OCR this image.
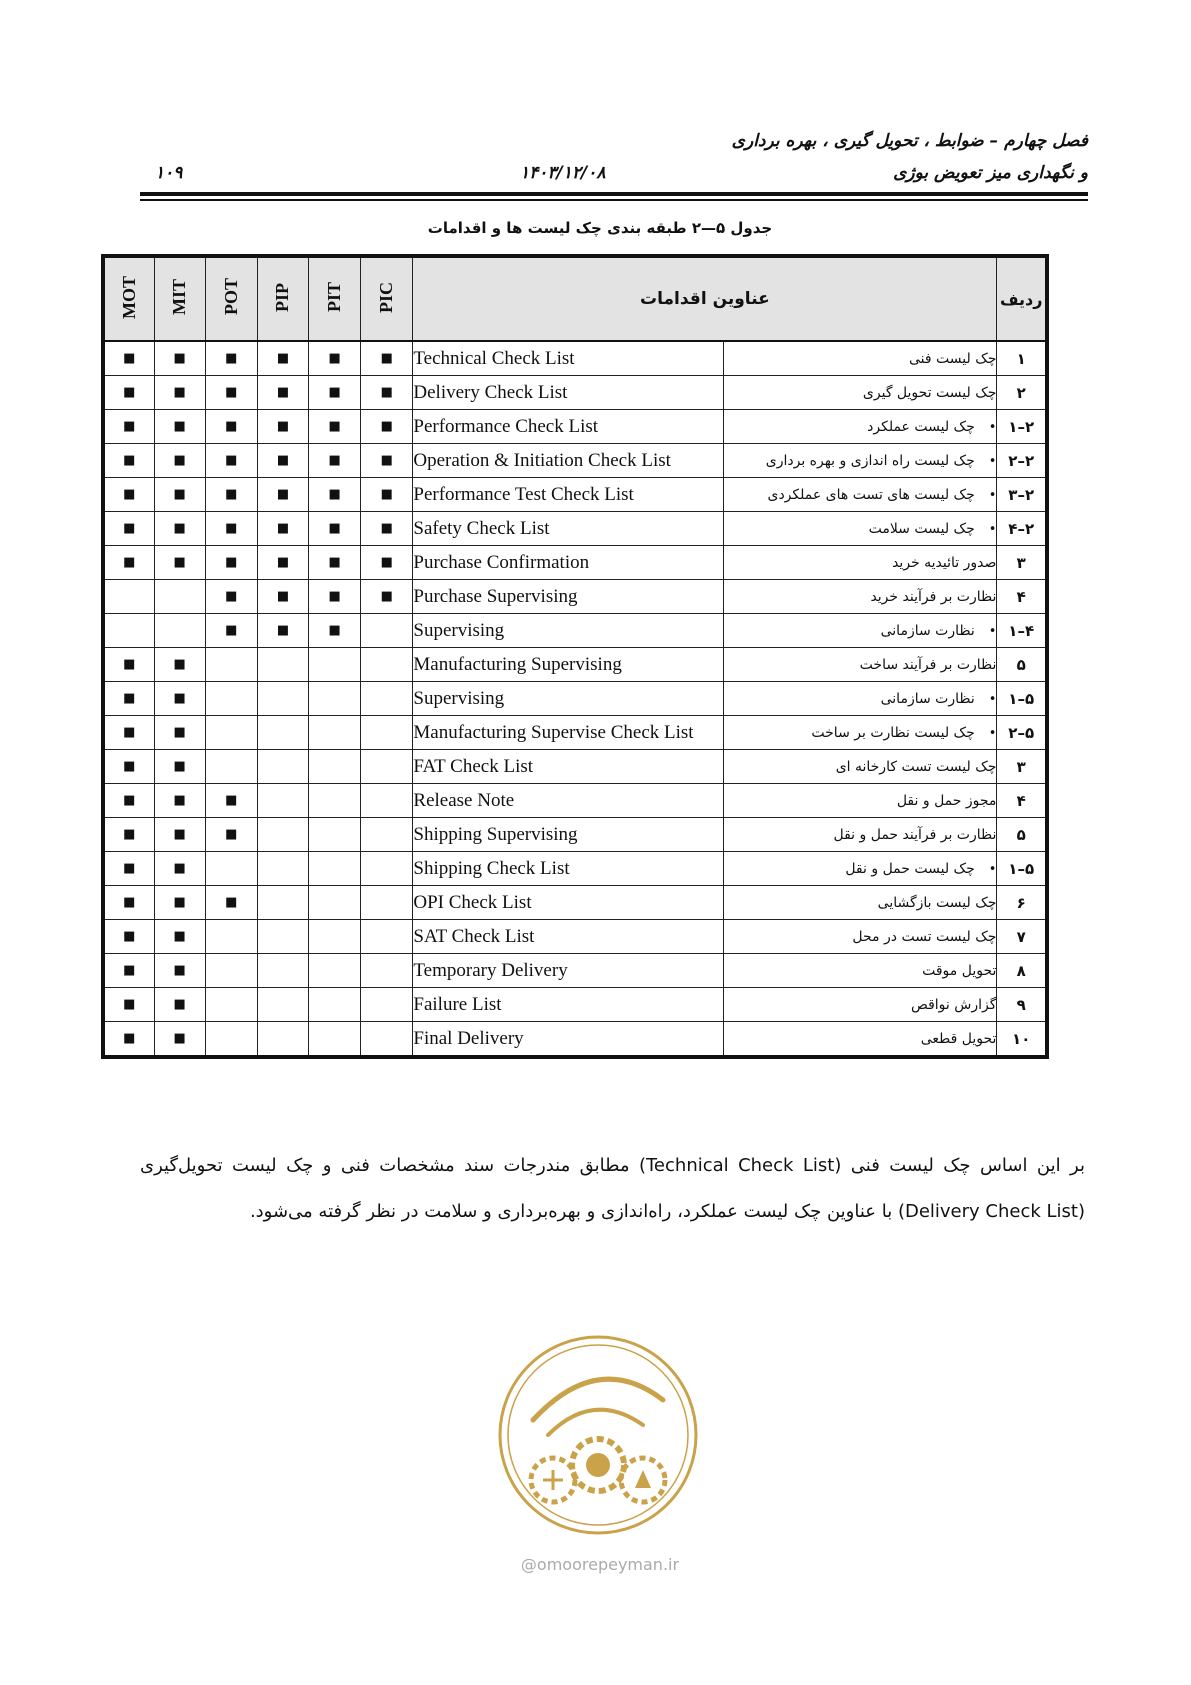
فصل چهارم – ضوابط ، تحویل گیری ، بهره برداری
و نگهداری میز تعویض بوژی
۱۴۰۳/۱۲/۰۸
۱۰۹
جدول ۵—۲ طبقه بندی چک لیست ها و اقدامات
MOT	MIT	POT	PIP	PIT	PIC	عناوین اقدامات		ردیف
■	■	■	■	■	■	Technical Check List	چک لیست فنی	۱
■	■	■	■	■	■	Delivery Check List	چک لیست تحویل گیری	۲
■	■	■	■	■	■	Performance Check List	•چک لیست عملکرد	۲–۱
■	■	■	■	■	■	Operation & Initiation Check List	•چک لیست راه اندازی و بهره برداری	۲–۲
■	■	■	■	■	■	Performance Test Check List	•چک لیست های تست های عملکردی	۲–۳
■	■	■	■	■	■	Safety Check List	•چک لیست سلامت	۲–۴
■	■	■	■	■	■	Purchase Confirmation	صدور تائیدیه خرید	۳
		■	■	■	■	Purchase Supervising	نظارت بر فرآیند خرید	۴
		■	■	■		Supervising	•نظارت سازمانی	۴–۱
■	■					Manufacturing Supervising	نظارت بر فرآیند ساخت	۵
■	■					Supervising	•نظارت سازمانی	۵–۱
■	■					Manufacturing Supervise Check List	•چک لیست نظارت بر ساخت	۵–۲
■	■					FAT Check List	چک لیست تست کارخانه ای	۳
■	■	■				Release Note	مجوز حمل و نقل	۴
■	■	■				Shipping Supervising	نظارت بر فرآیند حمل و نقل	۵
■	■					Shipping Check List	•چک لیست حمل و نقل	۵–۱
■	■	■				OPI Check List	چک لیست بازگشایی	۶
■	■					SAT Check List	چک لیست تست در محل	۷
■	■					Temporary Delivery	تحویل موقت	۸
■	■					Failure List	گزارش نواقص	۹
■	■					Final Delivery	تحویل قطعی	۱۰
بر این اساس چک لیست فنی (Technical Check List) مطابق مندرجات سند مشخصات فنی و چک لیست تحویل‌گیری (Delivery Check List) با عناوین چک لیست عملکرد، راه‌اندازی و بهره‌برداری و سلامت در نظر گرفته می‌شود.
@omoorepeyman.ir
